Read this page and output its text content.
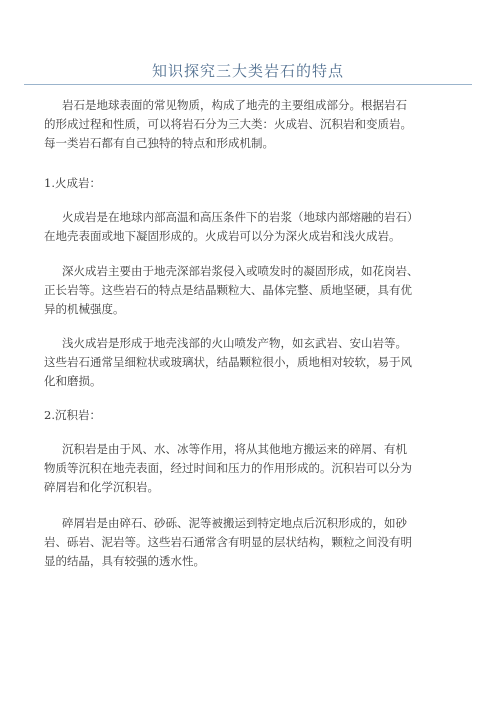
知识探究三大类岩石的特点
岩石是地球表面的常见物质，构成了地壳的主要组成部分。根据岩石
的形成过程和性质，可以将岩石分为三大类：火成岩、沉积岩和变质岩。
每一类岩石都有自己独特的特点和形成机制。
1.火成岩：
火成岩是在地球内部高温和高压条件下的岩浆（地球内部熔融的岩石）
在地壳表面或地下凝固形成的。火成岩可以分为深火成岩和浅火成岩。
深火成岩主要由于地壳深部岩浆侵入或喷发时的凝固形成，如花岗岩、
正长岩等。这些岩石的特点是结晶颗粒大、晶体完整、质地坚硬，具有优
异的机械强度。
浅火成岩是形成于地壳浅部的火山喷发产物，如玄武岩、安山岩等。
这些岩石通常呈细粒状或玻璃状，结晶颗粒很小，质地相对较软，易于风
化和磨损。
2.沉积岩：
沉积岩是由于风、水、冰等作用，将从其他地方搬运来的碎屑、有机
物质等沉积在地壳表面，经过时间和压力的作用形成的。沉积岩可以分为
碎屑岩和化学沉积岩。
碎屑岩是由碎石、砂砾、泥等被搬运到特定地点后沉积形成的，如砂
岩、砾岩、泥岩等。这些岩石通常含有明显的层状结构，颗粒之间没有明
显的结晶，具有较强的透水性。
